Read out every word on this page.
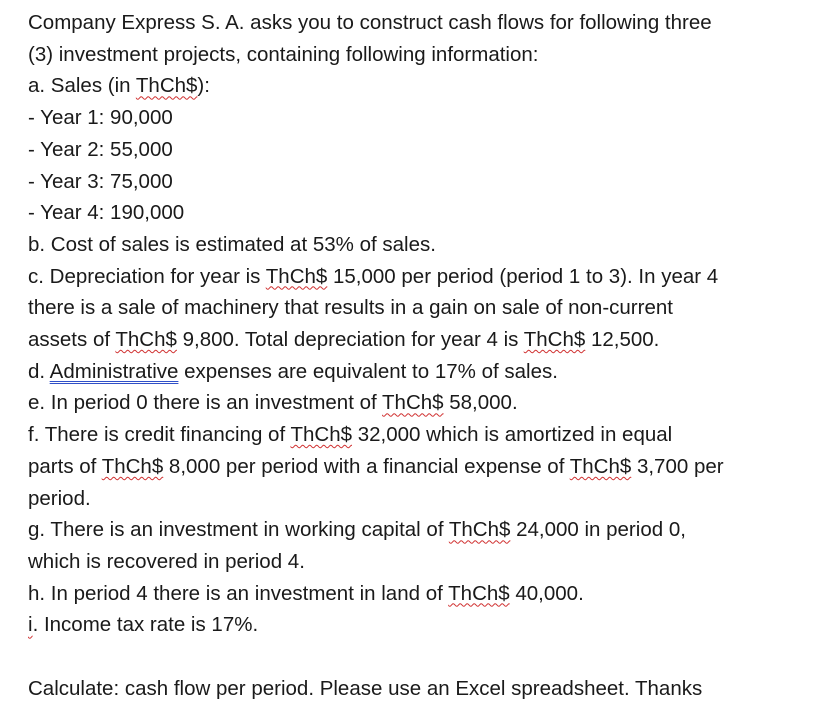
Company Express S. A. asks you to construct cash flows for following three
(3) investment projects, containing following information:
a. Sales (in ThCh$):
- Year 1: 90,000
- Year 2: 55,000
- Year 3: 75,000
- Year 4: 190,000
b. Cost of sales is estimated at 53% of sales.
c. Depreciation for year is ThCh$ 15,000 per period (period 1 to 3). In year 4
there is a sale of machinery that results in a gain on sale of non-current
assets of ThCh$ 9,800. Total depreciation for year 4 is ThCh$ 12,500.
d. Administrative expenses are equivalent to 17% of sales.
e. In period 0 there is an investment of ThCh$ 58,000.
f. There is credit financing of ThCh$ 32,000 which is amortized in equal
parts of ThCh$ 8,000 per period with a financial expense of ThCh$ 3,700 per
period.
g. There is an investment in working capital of ThCh$ 24,000 in period 0,
which is recovered in period 4.
h. In period 4 there is an investment in land of ThCh$ 40,000.
i. Income tax rate is 17%.
Calculate: cash flow per period. Please use an Excel spreadsheet. Thanks
